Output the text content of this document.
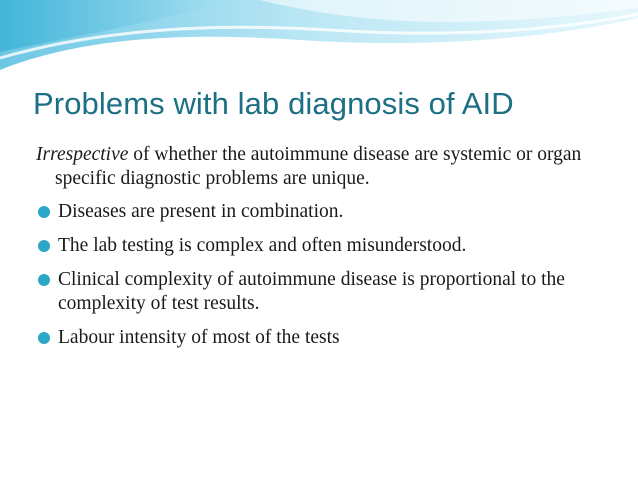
Problems with lab diagnosis of AID
Irrespective of whether the autoimmune disease are systemic or organ specific diagnostic problems are unique.
Diseases are present in combination.
The lab testing is complex and often misunderstood.
Clinical complexity of autoimmune disease is proportional to the complexity of test results.
Labour intensity of most of the tests
